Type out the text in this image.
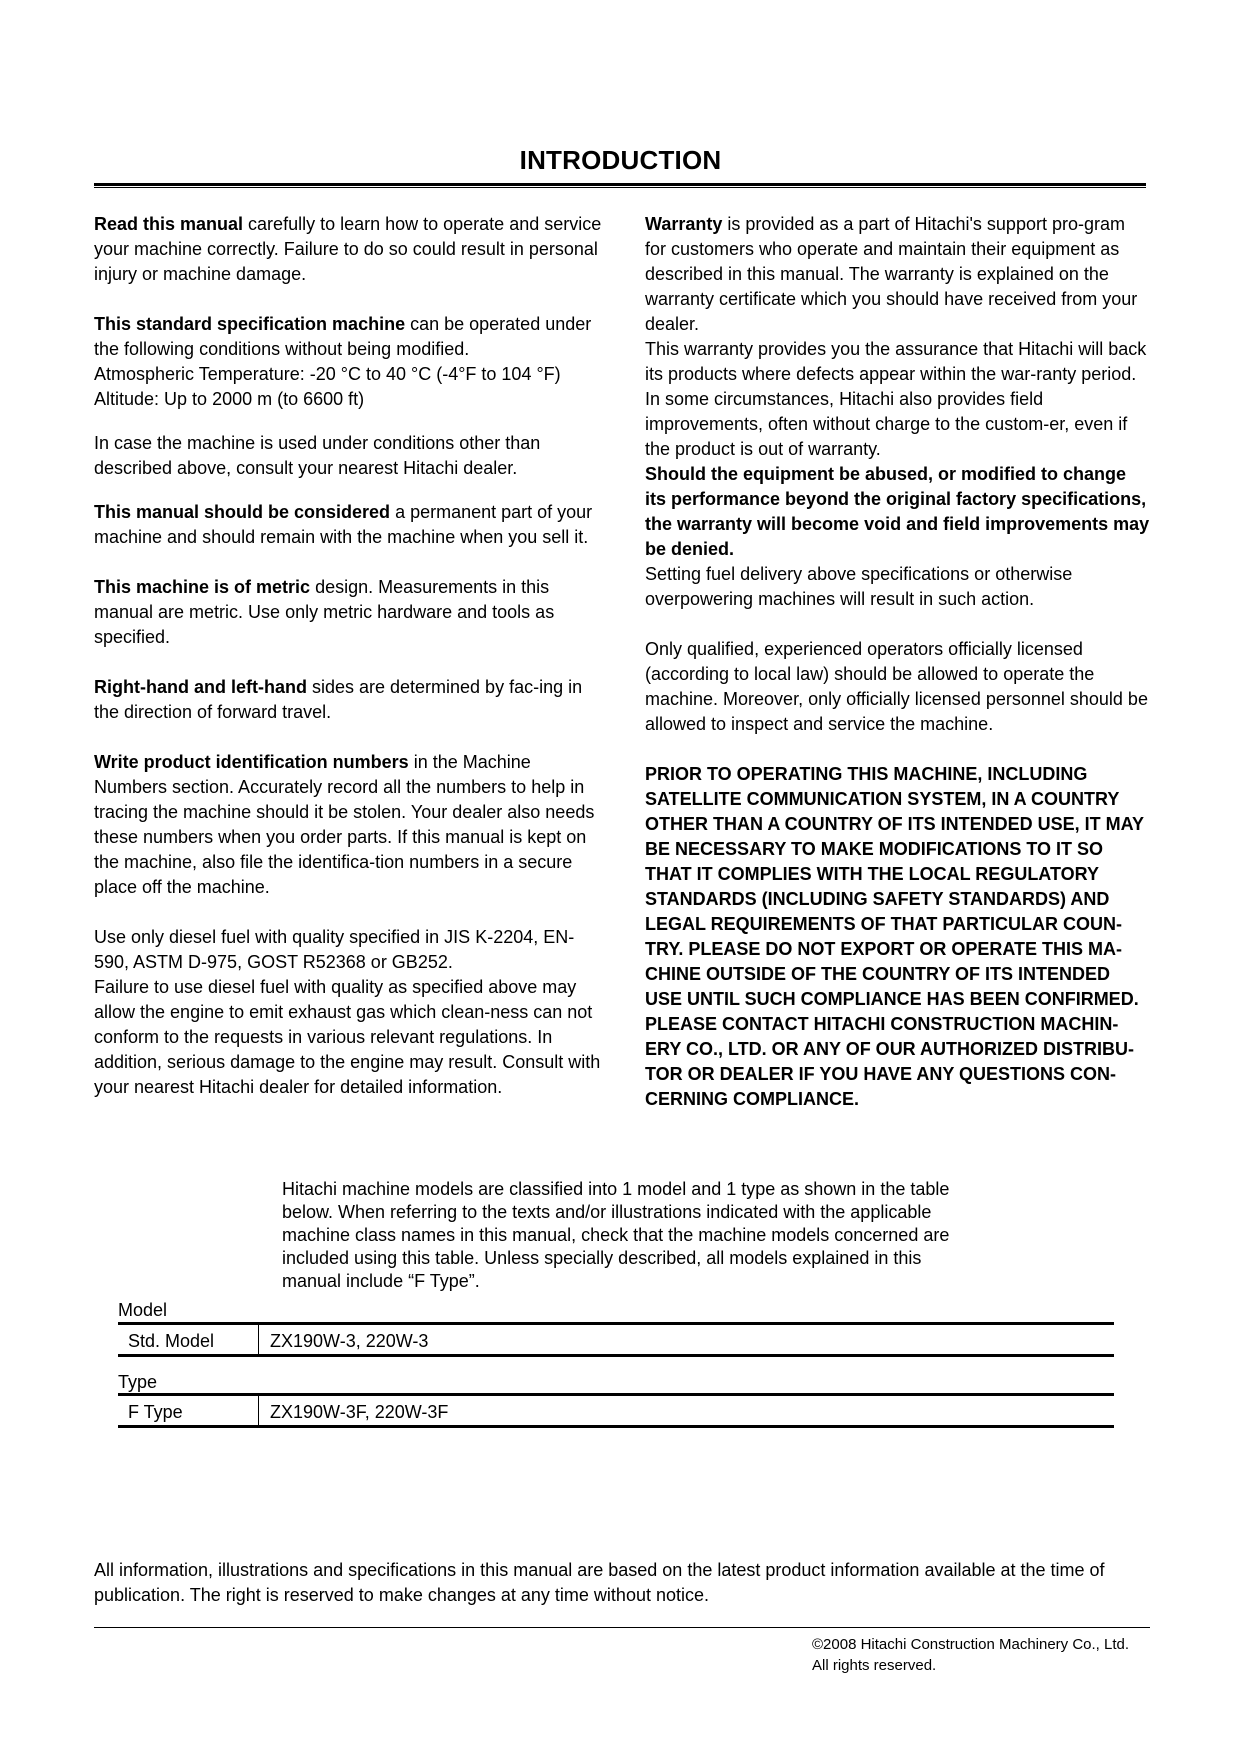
INTRODUCTION

Read this manual carefully to learn how to operate and service your machine correctly. Failure to do so could result in personal injury or machine damage.

This standard specification machine can be operated under the following conditions without being modified.
Atmospheric Temperature: -20 °C to 40 °C (-4°F to 104 °F)
Altitude: Up to 2000 m (to 6600 ft)

In case the machine is used under conditions other than described above, consult your nearest Hitachi dealer.

This manual should be considered a permanent part of your machine and should remain with the machine when you sell it.

This machine is of metric design. Measurements in this manual are metric. Use only metric hardware and tools as specified.

Right-hand and left-hand sides are determined by fac-ing in the direction of forward travel.

Write product identification numbers in the Machine Numbers section. Accurately record all the numbers to help in tracing the machine should it be stolen. Your dealer also needs these numbers when you order parts. If this manual is kept on the machine, also file the identifica-tion numbers in a secure place off the machine.

Use only diesel fuel with quality specified in JIS K-2204, EN-590, ASTM D-975, GOST R52368 or GB252.
Failure to use diesel fuel with quality as specified above may allow the engine to emit exhaust gas which clean-ness can not conform to the requests in various relevant regulations. In addition, serious damage to the engine may result. Consult with your nearest Hitachi dealer for detailed information.

Warranty is provided as a part of Hitachi's support pro-gram for customers who operate and maintain their equipment as described in this manual. The warranty is explained on the warranty certificate which you should have received from your dealer.
This warranty provides you the assurance that Hitachi will back its products where defects appear within the war-ranty period. In some circumstances, Hitachi also provides field improvements, often without charge to the custom-er, even if the product is out of warranty.
Should the equipment be abused, or modified to change its performance beyond the original factory specifications, the warranty will become void and field improvements may be denied.
Setting fuel delivery above specifications or otherwise overpowering machines will result in such action.

Only qualified, experienced operators officially licensed (according to local law) should be allowed to operate the machine. Moreover, only officially licensed personnel should be allowed to inspect and service the machine.

PRIOR TO OPERATING THIS MACHINE, INCLUDING SATELLITE COMMUNICATION SYSTEM, IN A COUNTRY OTHER THAN A COUNTRY OF ITS INTENDED USE, IT MAY BE NECESSARY TO MAKE MODIFICATIONS TO IT SO THAT IT COMPLIES WITH THE LOCAL REGULATORY STANDARDS (INCLUDING SAFETY STANDARDS) AND LEGAL REQUIREMENTS OF THAT PARTICULAR COUN-TRY. PLEASE DO NOT EXPORT OR OPERATE THIS MA-CHINE OUTSIDE OF THE COUNTRY OF ITS INTENDED USE UNTIL SUCH COMPLIANCE HAS BEEN CONFIRMED. PLEASE CONTACT HITACHI CONSTRUCTION MACHIN-ERY CO., LTD. OR ANY OF OUR AUTHORIZED DISTRIBU-TOR OR DEALER IF YOU HAVE ANY QUESTIONS CON-CERNING COMPLIANCE.

Hitachi machine models are classified into 1 model and 1 type as shown in the table below. When referring to the texts and/or illustrations indicated with the applicable machine class names in this manual, check that the machine models concerned are included using this table. Unless specially described, all models explained in this manual include “F Type”.
Model
Std. Model	ZX190W-3, 220W-3
Type
F Type	ZX190W-3F, 220W-3F
All information, illustrations and specifications in this manual are based on the latest product information available at the time of publication. The right is reserved to make changes at any time without notice.
©2008 Hitachi Construction Machinery Co., Ltd.
All rights reserved.
